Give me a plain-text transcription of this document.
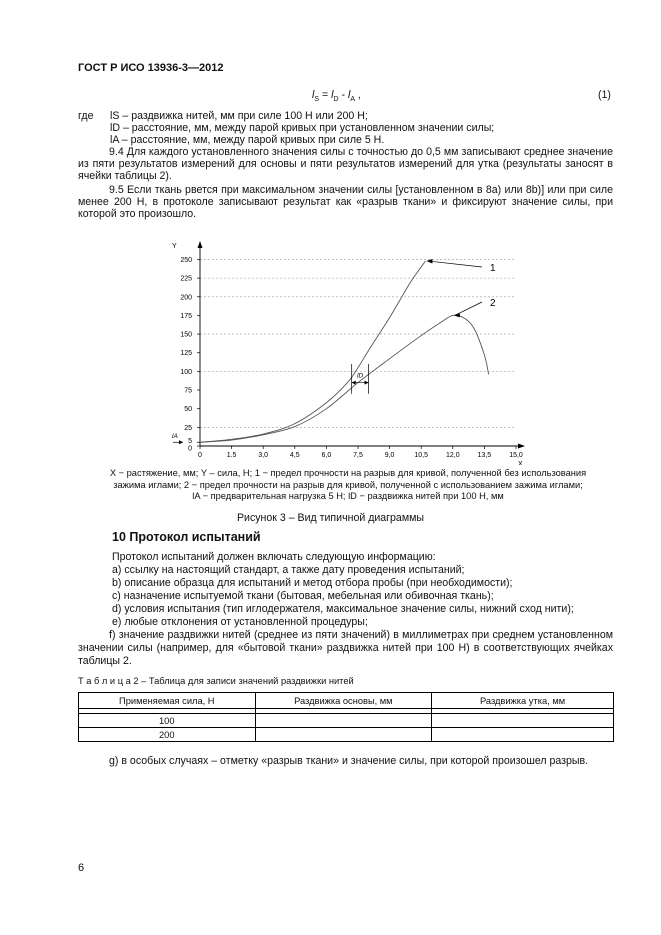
ГОСТ Р ИСО 13936-3—2012
$l_S = l_D - l_A$ ,	(1)
где lS – раздвижка нитей, мм при силе 100 Н или 200 Н;
lD – расстояние, мм, между парой кривых при установленном значении силы;
lA – расстояние, мм, между парой кривых при силе 5 Н.
9.4 Для каждого установленного значения силы с точностью до 0,5 мм записывают среднее значение из пяти результатов измерений для основы и пяти результатов измерений для утка (результаты заносят в ячейки таблицы 2).
9.5 Если ткань рвется при максимальном значении силы [установленном в 8а) или 8b)] или при силе менее 200 Н, в протоколе записывают результат как «разрыв ткани» и фиксируют значение силы, при которой это произошло.
Y
X
0	1.5	3,0	4,5	6,0	7,5	9,0	10,5	12,0	13,5	15,0
0
5
25
50
75
100
125
150
175
200
225
250
1
2
lD
lA
X − растяжение, мм; Y – сила, Н; 1 − предел прочности на разрыв для кривой, полученной без использования
зажима иглами; 2 − предел прочности на разрыв для кривой, полученной с использованием зажима иглами;
lA − предварительная нагрузка 5 Н; lD − раздвижка нитей при 100 Н, мм
Рисунок 3 – Вид типичной диаграммы
10 Протокол испытаний
Протокол испытаний должен включать следующую информацию:
а) ссылку на настоящий стандарт, а также дату проведения испытаний;
b) описание образца для испытаний и метод отбора пробы (при необходимости);
c) назначение испытуемой ткани (бытовая, мебельная или обивочная ткань);
d) условия испытания (тип иглодержателя, максимальное значение силы, нижний сход нити);
e) любые отклонения от установленной процедуры;
f) значение раздвижки нитей (среднее из пяти значений) в миллиметрах при среднем установленном значении силы (например, для «бытовой ткани» раздвижка нитей при 100 Н) в соответствующих ячейках таблицы 2.
Т а б л и ц а 2 – Таблица для записи значений раздвижки нитей
Применяемая сила, Н	Раздвижка основы, мм	Раздвижка утка, мм

100		
200		
g) в особых случаях – отметку «разрыв ткани» и значение силы, при которой произошел разрыв.
6
